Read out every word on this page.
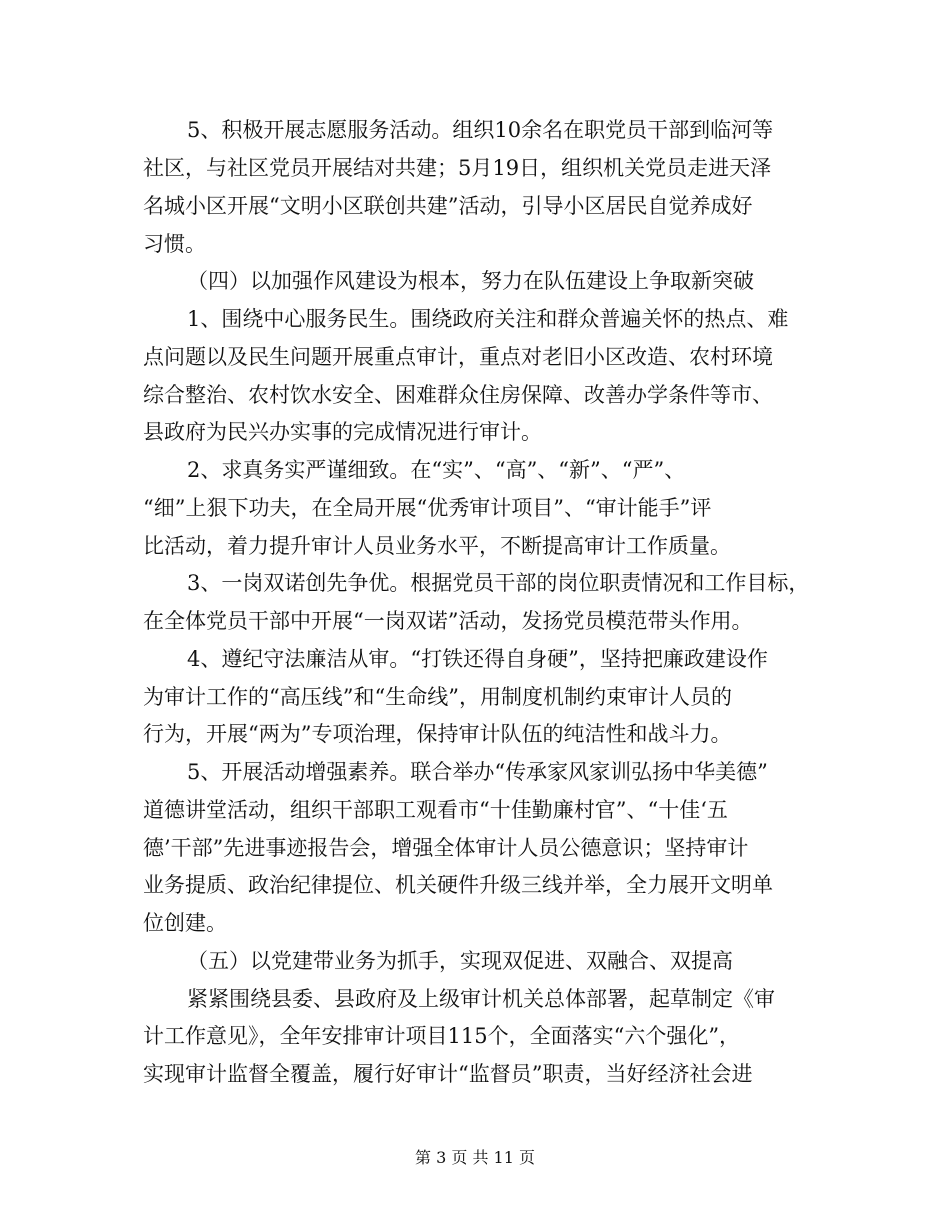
5、积极开展志愿服务活动。组织10余名在职党员干部到临河等
社区，与社区党员开展结对共建；5月19日，组织机关党员走进天泽
名城小区开展“文明小区联创共建”活动，引导小区居民自觉养成好
习惯。
（四）以加强作风建设为根本，努力在队伍建设上争取新突破
1、围绕中心服务民生。围绕政府关注和群众普遍关怀的热点、难
点问题以及民生问题开展重点审计，重点对老旧小区改造、农村环境
综合整治、农村饮水安全、困难群众住房保障、改善办学条件等市、
县政府为民兴办实事的完成情况进行审计。
2、求真务实严谨细致。在“实”、“高”、“新”、“严”、
“细”上狠下功夫，在全局开展“优秀审计项目”、“审计能手”评
比活动，着力提升审计人员业务水平，不断提高审计工作质量。
3、一岗双诺创先争优。根据党员干部的岗位职责情况和工作目标，
在全体党员干部中开展“一岗双诺”活动，发扬党员模范带头作用。
4、遵纪守法廉洁从审。“打铁还得自身硬”，坚持把廉政建设作
为审计工作的“高压线”和“生命线”，用制度机制约束审计人员的
行为，开展“两为”专项治理，保持审计队伍的纯洁性和战斗力。
5、开展活动增强素养。联合举办“传承家风家训弘扬中华美德”
道德讲堂活动，组织干部职工观看市“十佳勤廉村官”、“十佳‘五
德’干部”先进事迹报告会，增强全体审计人员公德意识；坚持审计
业务提质、政治纪律提位、机关硬件升级三线并举，全力展开文明单
位创建。
（五）以党建带业务为抓手，实现双促进、双融合、双提高
紧紧围绕县委、县政府及上级审计机关总体部署，起草制定《审
计工作意见》，全年安排审计项目115个，全面落实“六个强化”，
实现审计监督全覆盖，履行好审计“监督员”职责，当好经济社会进
第 3 页 共 11 页
